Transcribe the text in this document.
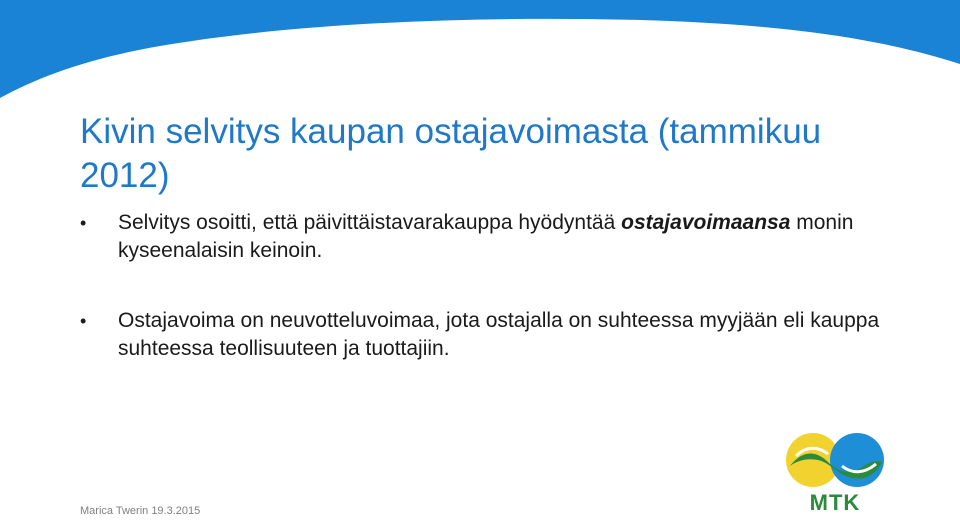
Kivin selvitys kaupan ostajavoimasta (tammikuu 2012)
•	Selvitys osoitti, että päivittäistavarakauppa hyödyntää ostajavoimaansa monin kyseenalaisin keinoin.
•	Ostajavoima on neuvotteluvoimaa, jota ostajalla on suhteessa myyjään eli kauppa suhteessa teollisuuteen ja tuottajiin.
Marica Twerin 19.3.2015	MTK
